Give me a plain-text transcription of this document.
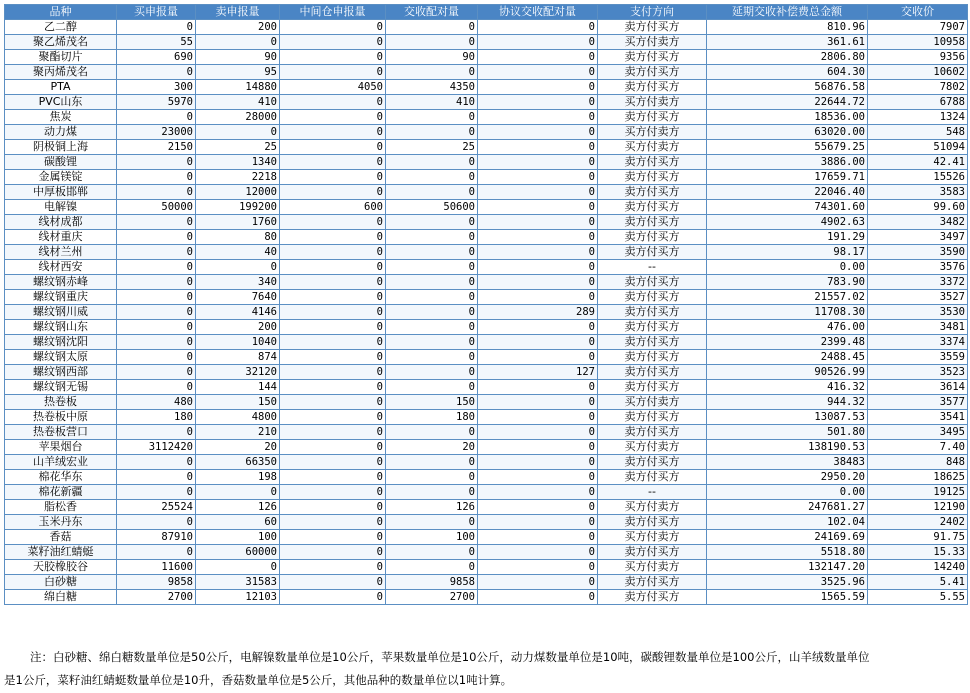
品种	买申报量	卖申报量	中间仓申报量	交收配对量	协议交收配对量	支付方向	延期交收补偿费总金额	交收价
乙二醇	0	200	0	0	0	卖方付买方	810.96	7907
聚乙烯茂名	55	0	0	0	0	买方付卖方	361.61	10958
聚酯切片	690	90	0	90	0	卖方付买方	2806.80	9356
聚丙烯茂名	0	95	0	0	0	卖方付买方	604.30	10602
PTA	300	14880	4050	4350	0	卖方付买方	56876.58	7802
PVC山东	5970	410	0	410	0	买方付卖方	22644.72	6788
焦炭	0	28000	0	0	0	卖方付买方	18536.00	1324
动力煤	23000	0	0	0	0	买方付卖方	63020.00	548
阴极铜上海	2150	25	0	25	0	买方付卖方	55679.25	51094
碳酸锂	0	1340	0	0	0	卖方付买方	3886.00	42.41
金属镁锭	0	2218	0	0	0	卖方付买方	17659.71	15526
中厚板邯郸	0	12000	0	0	0	卖方付买方	22046.40	3583
电解镍	50000	199200	600	50600	0	卖方付买方	74301.60	99.60
线材成都	0	1760	0	0	0	卖方付买方	4902.63	3482
线材重庆	0	80	0	0	0	卖方付买方	191.29	3497
线材兰州	0	40	0	0	0	卖方付买方	98.17	3590
线材西安	0	0	0	0	0	--	0.00	3576
螺纹钢赤峰	0	340	0	0	0	卖方付买方	783.90	3372
螺纹钢重庆	0	7640	0	0	0	卖方付买方	21557.02	3527
螺纹钢川威	0	4146	0	0	289	卖方付买方	11708.30	3530
螺纹钢山东	0	200	0	0	0	卖方付买方	476.00	3481
螺纹钢沈阳	0	1040	0	0	0	卖方付买方	2399.48	3374
螺纹钢太原	0	874	0	0	0	卖方付买方	2488.45	3559
螺纹钢西部	0	32120	0	0	127	卖方付买方	90526.99	3523
螺纹钢无锡	0	144	0	0	0	卖方付买方	416.32	3614
热卷板	480	150	0	150	0	买方付卖方	944.32	3577
热卷板中原	180	4800	0	180	0	卖方付买方	13087.53	3541
热卷板营口	0	210	0	0	0	卖方付买方	501.80	3495
苹果烟台	3112420	20	0	20	0	买方付卖方	138190.53	7.40
山羊绒宏业	0	66350	0	0	0	卖方付买方	38483	848
棉花华东	0	198	0	0	0	卖方付买方	2950.20	18625
棉花新疆	0	0	0	0	0	--	0.00	19125
脂松香	25524	126	0	126	0	买方付卖方	247681.27	12190
玉米丹东	0	60	0	0	0	卖方付买方	102.04	2402
香菇	87910	100	0	100	0	买方付卖方	24169.69	91.75
菜籽油红蜻蜓	0	60000	0	0	0	卖方付买方	5518.80	15.33
天胶橡胶谷	11600	0	0	0	0	买方付卖方	132147.20	14240
白砂糖	9858	31583	0	9858	0	卖方付买方	3525.96	5.41
绵白糖	2700	12103	0	2700	0	卖方付买方	1565.59	5.55
注：白砂糖、绵白糖数量单位是50公斤，电解镍数量单位是10公斤，苹果数量单位是10公斤，动力煤数量单位是10吨，碳酸锂数量单位是100公斤，山羊绒数量单位
是1公斤，菜籽油红蜻蜓数量单位是10升，香菇数量单位是5公斤，其他品种的数量单位以1吨计算。
